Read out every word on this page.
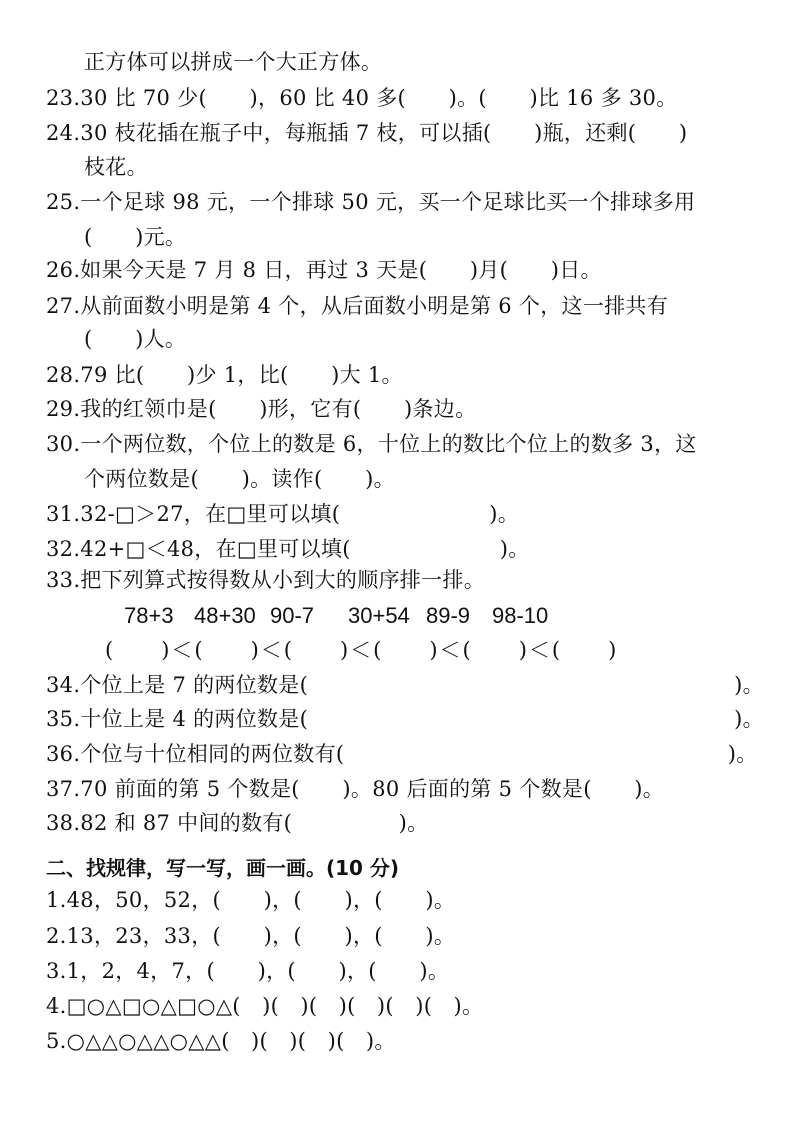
正方体可以拼成一个大正方体。
23.30 比 70 少(　　)，60 比 40 多(　　)。(　　)比 16 多 30。
24.30 枝花插在瓶子中，每瓶插 7 枝，可以插(　　)瓶，还剩(　　)
枝花。
25.一个足球 98 元，一个排球 50 元，买一个足球比买一个排球多用
(　　)元。
26.如果今天是 7 月 8 日，再过 3 天是(　　)月(　　)日。
27.从前面数小明是第 4 个，从后面数小明是第 6 个，这一排共有
(　　)人。
28.79 比(　　)少 1，比(　　)大 1。
29.我的红领巾是(　　)形，它有(　　)条边。
30.一个两位数，个位上的数是 6，十位上的数比个位上的数多 3，这
个两位数是(　　)。读作(　　)。
31.32-□＞27，在□里可以填(　　　　　　　)。
32.42+□＜48，在□里可以填(　　　　　　　)。
33.把下列算式按得数从小到大的顺序排一排。
78+3 48+30 90-7 30+54 89-9 98-10
(　　)＜(　　)＜(　　)＜(　　)＜(　　)＜(　　)
34.个位上是 7 的两位数是(　　　　　　　　　　　　　　　　　　　　)。
35.十位上是 4 的两位数是(　　　　　　　　　　　　　　　　　　　　)。
36.个位与十位相同的两位数有(　　　　　　　　　　　　　　　　　　)。
37.70 前面的第 5 个数是(　　)。80 后面的第 5 个数是(　　)。
38.82 和 87 中间的数有(　　　　　)。
二、找规律，写一写，画一画。(10 分)
1.48，50，52，(　　)，(　　)，(　　)。
2.13，23，33，(　　)，(　　)，(　　)。
3.1，2，4，7，(　　)，(　　)，(　　)。
4.□○△□○△□○△(　)(　)(　)(　)(　)(　)。
5.○△△○△△○△△(　)(　)(　)(　)。
